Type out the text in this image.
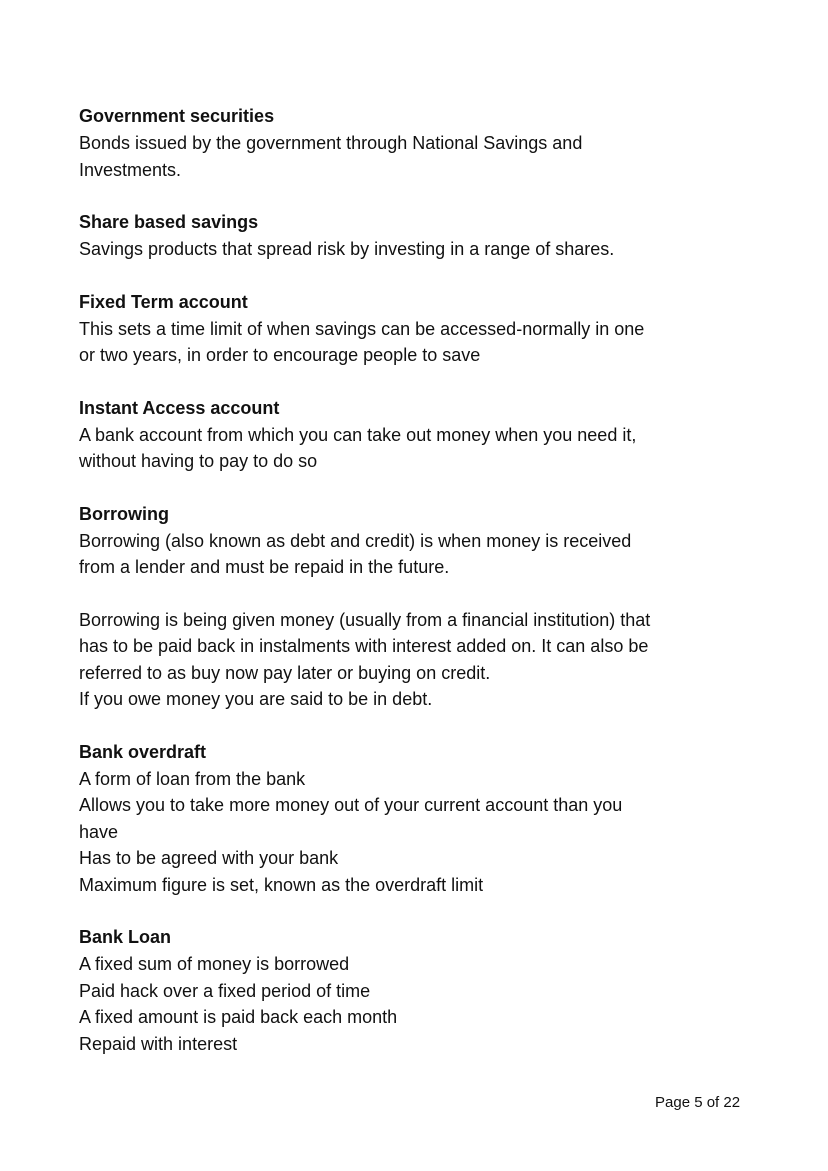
Government securities

Bonds issued by the government through National Savings and

Investments.

Share based savings

Savings products that spread risk by investing in a range of shares.

Fixed Term account

This sets a time limit of when savings can be accessed-normally in one

or two years, in order to encourage people to save

Instant Access account

A bank account from which you can take out money when you need it,

without having to pay to do so

Borrowing

Borrowing (also known as debt and credit) is when money is received

from a lender and must be repaid in the future.

Borrowing is being given money (usually from a financial institution) that

has to be paid back in instalments with interest added on. It can also be

referred to as buy now pay later or buying on credit.

If you owe money you are said to be in debt.

Bank overdraft

A form of loan from the bank

Allows you to take more money out of your current account than you

have

Has to be agreed with your bank

Maximum figure is set, known as the overdraft limit

Bank Loan

A fixed sum of money is borrowed

Paid hack over a fixed period of time

A fixed amount is paid back each month

Repaid with interest

Page 5 of 22
